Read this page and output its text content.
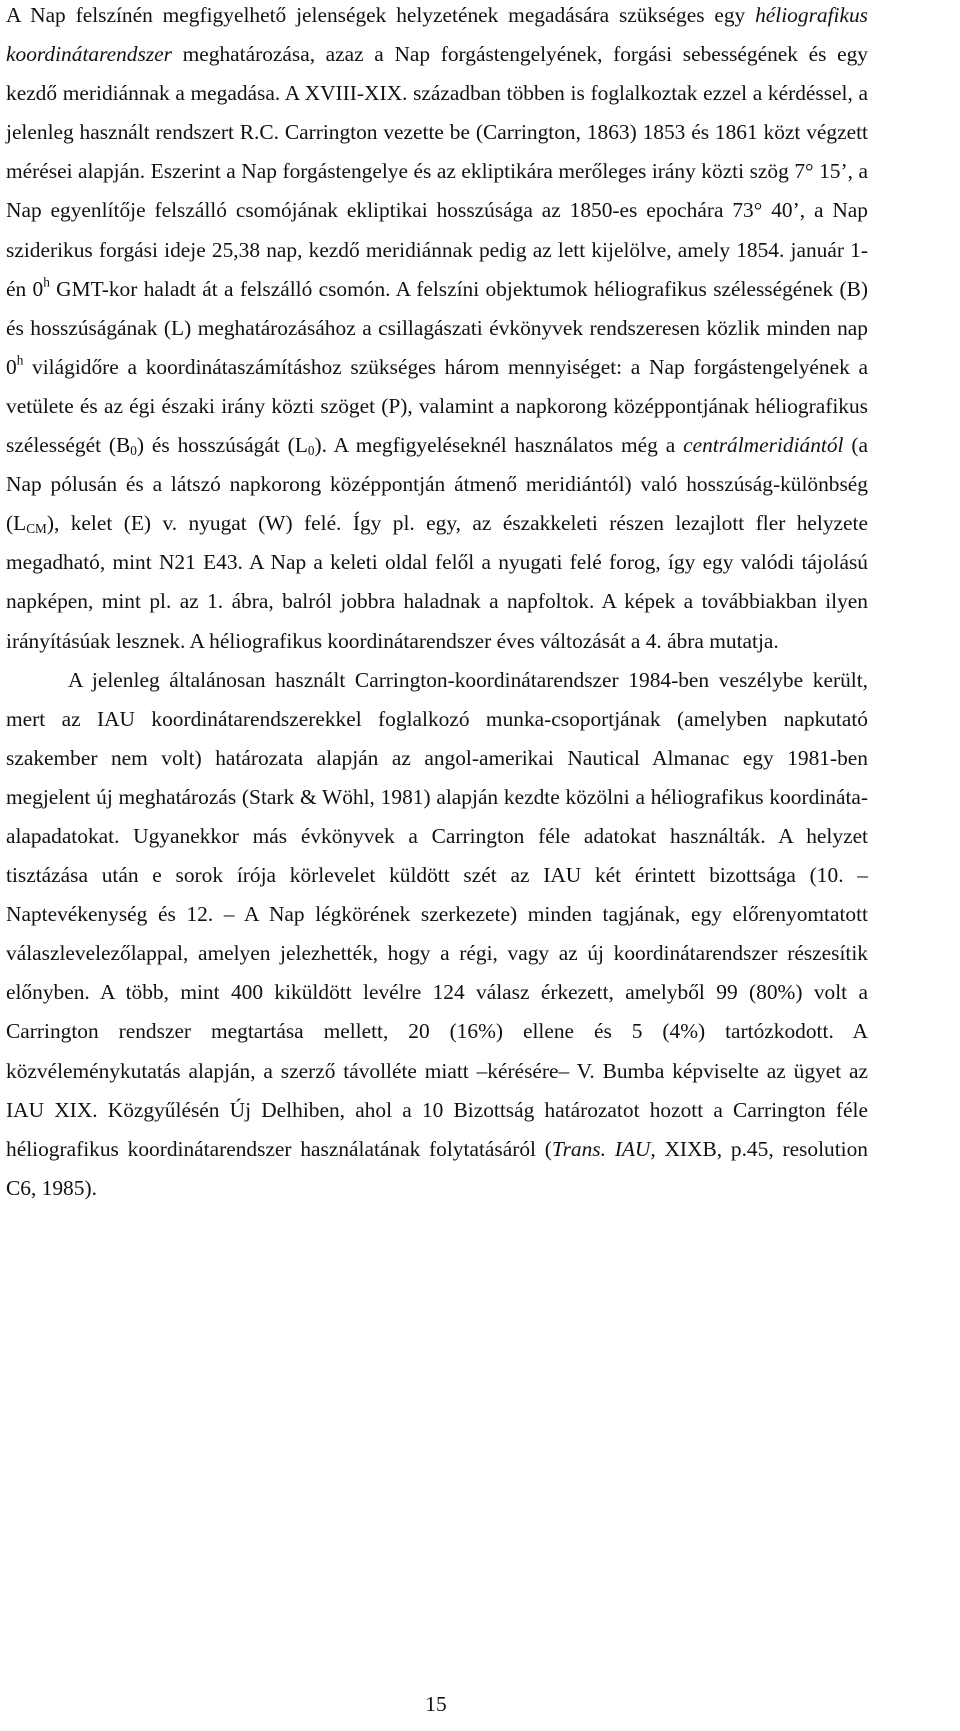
A Nap felszínén megfigyelhető jelenségek helyzetének megadására szükséges egy héliografikus koordinátarendszer meghatározása, azaz a Nap forgástengelyének, forgási sebességének és egy kezdő meridiánnak a megadása. A XVIII-XIX. században többen is foglalkoztak ezzel a kérdéssel, a jelenleg használt rendszert R.C. Carrington vezette be (Carrington, 1863) 1853 és 1861 közt végzett mérései alapján. Eszerint a Nap forgástengelye és az ekliptikára merőleges irány közti szög 7° 15’, a Nap egyenlítője felszálló csomójának ekliptikai hosszúsága az 1850-es epochára 73° 40’, a Nap sziderikus forgási ideje 25,38 nap, kezdő meridiánnak pedig az lett kijelölve, amely 1854. január 1-én 0$^h$ GMT-kor haladt át a felszálló csomón. A felszíni objektumok héliografikus szélességének (B) és hosszúságának (L) meghatározásához a csillagászati évkönyvek rendszeresen közlik minden nap 0$^h$ világidőre a koordinátaszámításhoz szükséges három mennyiséget: a Nap forgástengelyének a vetülete és az égi északi irány közti szöget (P), valamint a napkorong középpontjának héliografikus szélességét $(B_0)$ és hosszúságát $(L_0)$. A megfigyeléseknél használatos még a centrálmeridiántól (a Nap pólusán és a látszó napkorong középpontján átmenő meridiántól) való hosszúság-különbség $(L_{CM})$, kelet (E) v. nyugat (W) felé. Így pl. egy, az északkeleti részen lezajlott fler helyzete megadható, mint N21 E43. A Nap a keleti oldal felől a nyugati felé forog, így egy valódi tájolású napképen, mint pl. az 1. ábra, balról jobbra haladnak a napfoltok. A képek a továbbiakban ilyen irányításúak lesznek. A héliografikus koordinátarendszer éves változását a 4. ábra mutatja.

A jelenleg általánosan használt Carrington-koordinátarendszer 1984-ben veszélybe került, mert az IAU koordinátarendszerekkel foglalkozó munka-csoportjának (amelyben napkutató szakember nem volt) határozata alapján az angol-amerikai Nautical Almanac egy 1981-ben megjelent új meghatározás (Stark & Wöhl, 1981) alapján kezdte közölni a héliografikus koordináta-alapadatokat. Ugyanekkor más évkönyvek a Carrington féle adatokat használták. A helyzet tisztázása után e sorok írója körlevelet küldött szét az IAU két érintett bizottsága (10. – Naptevékenység és 12. – A Nap légkörének szerkezete) minden tagjának, egy előrenyomtatott válaszlevelezőlappal, amelyen jelezhették, hogy a régi, vagy az új koordinátarendszer részesítik előnyben. A több, mint 400 kiküldött levélre 124 válasz érkezett, amelyből 99 (80%) volt a Carrington rendszer megtartása mellett, 20 (16%) ellene és 5 (4%) tartózkodott. A közvéleménykutatás alapján, a szerző távolléte miatt –kérésére– V. Bumba képviselte az ügyet az IAU XIX. Közgyűlésén Új Delhiben, ahol a 10 Bizottság határozatot hozott a Carrington féle héliografikus koordinátarendszer használatának folytatásáról (Trans. IAU, XIXB, p.45, resolution C6, 1985).

15
